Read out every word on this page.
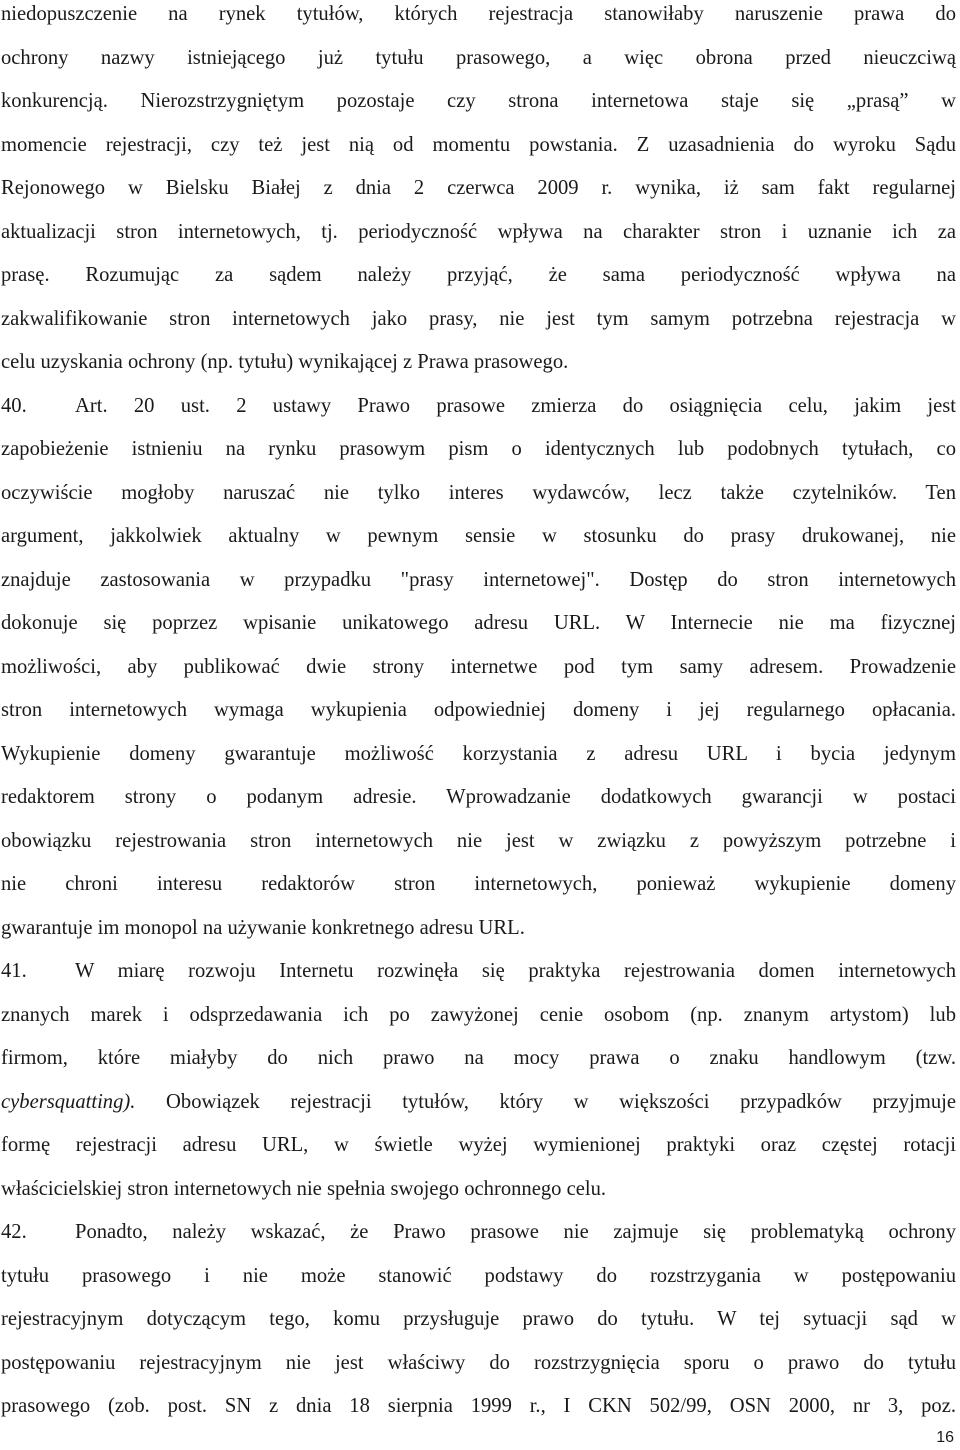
niedopuszczenie na rynek tytułów, których rejestracja stanowiłaby naruszenie prawa do
ochrony nazwy istniejącego już tytułu prasowego, a więc obrona przed nieuczciwą
konkurencją. Nierozstrzygniętym pozostaje czy strona internetowa staje się „prasą” w
momencie rejestracji, czy też jest nią od momentu powstania. Z uzasadnienia do wyroku Sądu
Rejonowego w Bielsku Białej z dnia 2 czerwca 2009 r. wynika, iż sam fakt regularnej
aktualizacji stron internetowych, tj. periodyczność wpływa na charakter stron i uznanie ich za
prasę. Rozumując za sądem należy przyjąć, że sama periodyczność wpływa na
zakwalifikowanie stron internetowych jako prasy, nie jest tym samym potrzebna rejestracja w
celu uzyskania ochrony (np. tytułu) wynikającej z Prawa prasowego.
40.	Art. 20 ust. 2 ustawy Prawo prasowe zmierza do osiągnięcia celu, jakim jest
zapobieżenie istnieniu na rynku prasowym pism o identycznych lub podobnych tytułach, co
oczywiście mogłoby naruszać nie tylko interes wydawców, lecz także czytelników. Ten
argument, jakkolwiek aktualny w pewnym sensie w stosunku do prasy drukowanej, nie
znajduje zastosowania w przypadku "prasy internetowej". Dostęp do stron internetowych
dokonuje się poprzez wpisanie unikatowego adresu URL. W Internecie nie ma fizycznej
możliwości, aby publikować dwie strony internetwe pod tym samy adresem. Prowadzenie
stron internetowych wymaga wykupienia odpowiedniej domeny i jej regularnego opłacania.
Wykupienie domeny gwarantuje możliwość korzystania z adresu URL i bycia jedynym
redaktorem strony o podanym adresie. Wprowadzanie dodatkowych gwarancji w postaci
obowiązku rejestrowania stron internetowych nie jest w związku z powyższym potrzebne i
nie chroni interesu redaktorów stron internetowych, ponieważ wykupienie domeny
gwarantuje im monopol na używanie konkretnego adresu URL.
41.	W miarę rozwoju Internetu rozwinęła się praktyka rejestrowania domen internetowych
znanych marek i odsprzedawania ich po zawyżonej cenie osobom (np. znanym artystom) lub
firmom, które miałyby do nich prawo na mocy prawa o znaku handlowym (tzw.
cybersquatting). Obowiązek rejestracji tytułów, który w większości przypadków przyjmuje
formę rejestracji adresu URL, w świetle wyżej wymienionej praktyki oraz częstej rotacji
właścicielskiej stron internetowych nie spełnia swojego ochronnego celu.
42.	Ponadto, należy wskazać, że Prawo prasowe nie zajmuje się problematyką ochrony
tytułu prasowego i nie może stanowić podstawy do rozstrzygania w postępowaniu
rejestracyjnym dotyczącym tego, komu przysługuje prawo do tytułu. W tej sytuacji sąd w
postępowaniu rejestracyjnym nie jest właściwy do rozstrzygnięcia sporu o prawo do tytułu
prasowego (zob. post. SN z dnia 18 sierpnia 1999 r., I CKN 502/99, OSN 2000, nr 3, poz.
16
